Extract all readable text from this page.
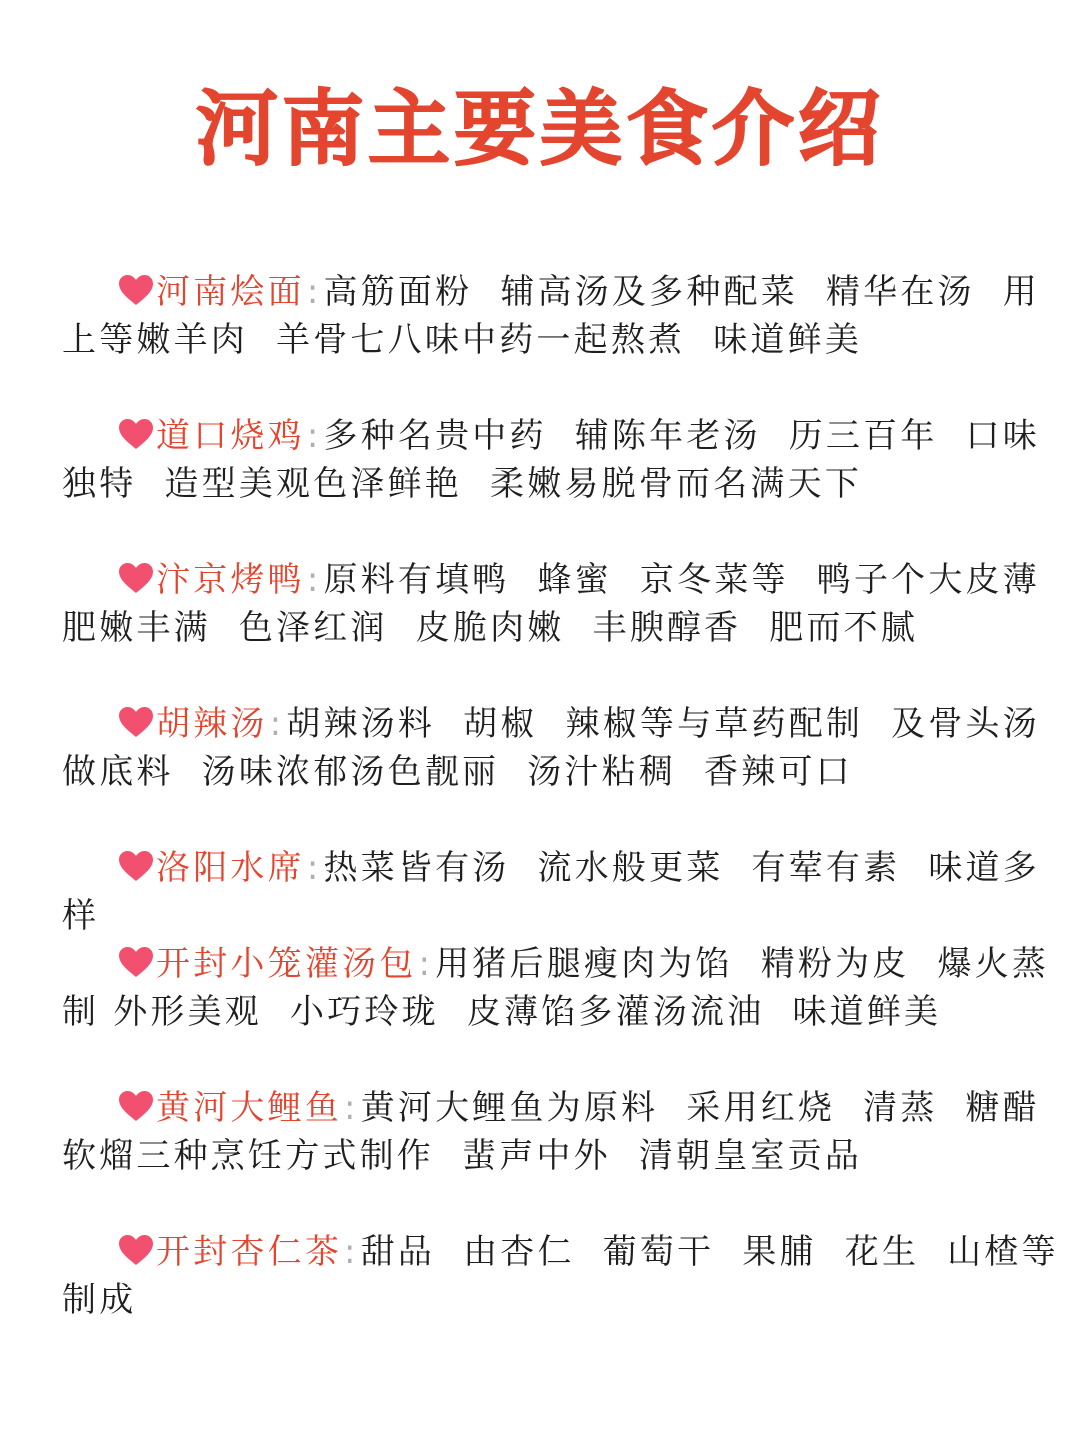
河南主要美食介绍

河南烩面:高筋面粉  辅高汤及多种配菜  精华在汤  用上等嫩羊肉  羊骨七八味中药一起熬煮  味道鲜美

道口烧鸡:多种名贵中药  辅陈年老汤  历三百年  口味独特  造型美观色泽鲜艳  柔嫩易脱骨而名满天下

汴京烤鸭:原料有填鸭  蜂蜜  京冬菜等  鸭子个大皮薄肥嫩丰满  色泽红润  皮脆肉嫩  丰腴醇香  肥而不腻

胡辣汤:胡辣汤料  胡椒  辣椒等与草药配制  及骨头汤做底料  汤味浓郁汤色靓丽  汤汁粘稠  香辣可口

洛阳水席:热菜皆有汤  流水般更菜  有荤有素  味道多样

开封小笼灌汤包:用猪后腿瘦肉为馅  精粉为皮  爆火蒸制 外形美观  小巧玲珑  皮薄馅多灌汤流油  味道鲜美

黄河大鲤鱼:黄河大鲤鱼为原料  采用红烧  清蒸  糖醋软熘三种烹饪方式制作  蜚声中外  清朝皇室贡品

开封杏仁茶:甜品  由杏仁  葡萄干  果脯  花生  山楂等制成
